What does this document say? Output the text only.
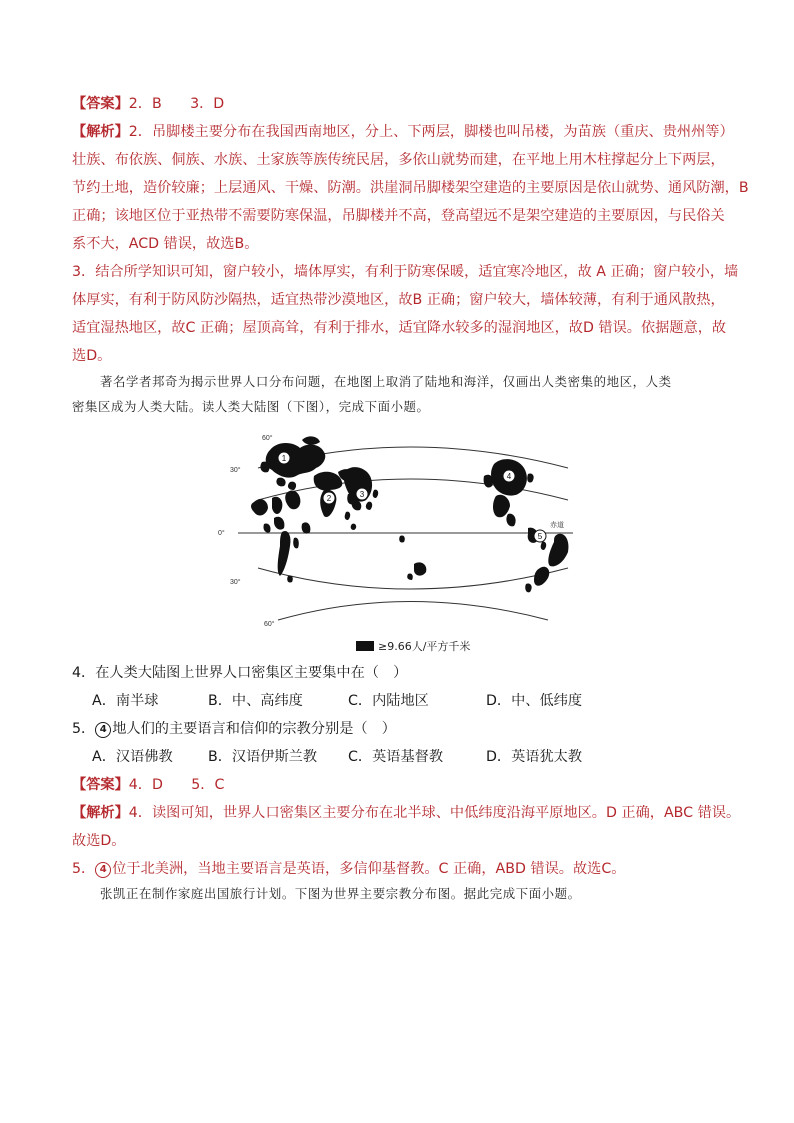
【答案】2．B　　3．D
【解析】2．吊脚楼主要分布在我国西南地区，分上、下两层，脚楼也叫吊楼，为苗族（重庆、贵州州等）
壮族、布依族、侗族、水族、土家族等族传统民居，多依山就势而建，在平地上用木柱撑起分上下两层，
节约土地，造价较廉；上层通风、干燥、防潮。洪崖洞吊脚楼架空建造的主要原因是依山就势、通风防潮，B
正确；该地区位于亚热带不需要防寒保温，吊脚楼并不高，登高望远不是架空建造的主要原因，与民俗关
系不大，ACD 错误，故选B。
3．结合所学知识可知，窗户较小，墙体厚实，有利于防寒保暖，适宜寒冷地区，故 A 正确；窗户较小，墙
体厚实，有利于防风防沙隔热，适宜热带沙漠地区，故B 正确；窗户较大，墙体较薄，有利于通风散热，
适宜湿热地区，故C 正确；屋顶高耸，有利于排水，适宜降水较多的湿润地区，故D 错误。依据题意，故
选D。
著名学者邦奇为揭示世界人口分布问题，在地图上取消了陆地和海洋，仅画出人类密集的地区，人类
密集区成为人类大陆。读人类大陆图（下图），完成下面小题。
60°
30°
0°
30°
60°
赤道
1
2	3
4
5
≥9.66人/平方千米
4．在人类大陆图上世界人口密集区主要集中在（　）
A．南半球	B．中、高纬度	C．内陆地区	D．中、低纬度
5． 4 地人们的主要语言和信仰的宗教分别是（　）
A．汉语佛教 B．汉语伊斯兰教 C．英语基督教	D．英语犹太教
【答案】4．D　　5．C
【解析】4．读图可知，世界人口密集区主要分布在北半球、中低纬度沿海平原地区。D 正确，ABC 错误。
故选D。
5． 4 位于北美洲，当地主要语言是英语，多信仰基督教。C 正确，ABD 错误。故选C。
张凯正在制作家庭出国旅行计划。下图为世界主要宗教分布图。据此完成下面小题。
